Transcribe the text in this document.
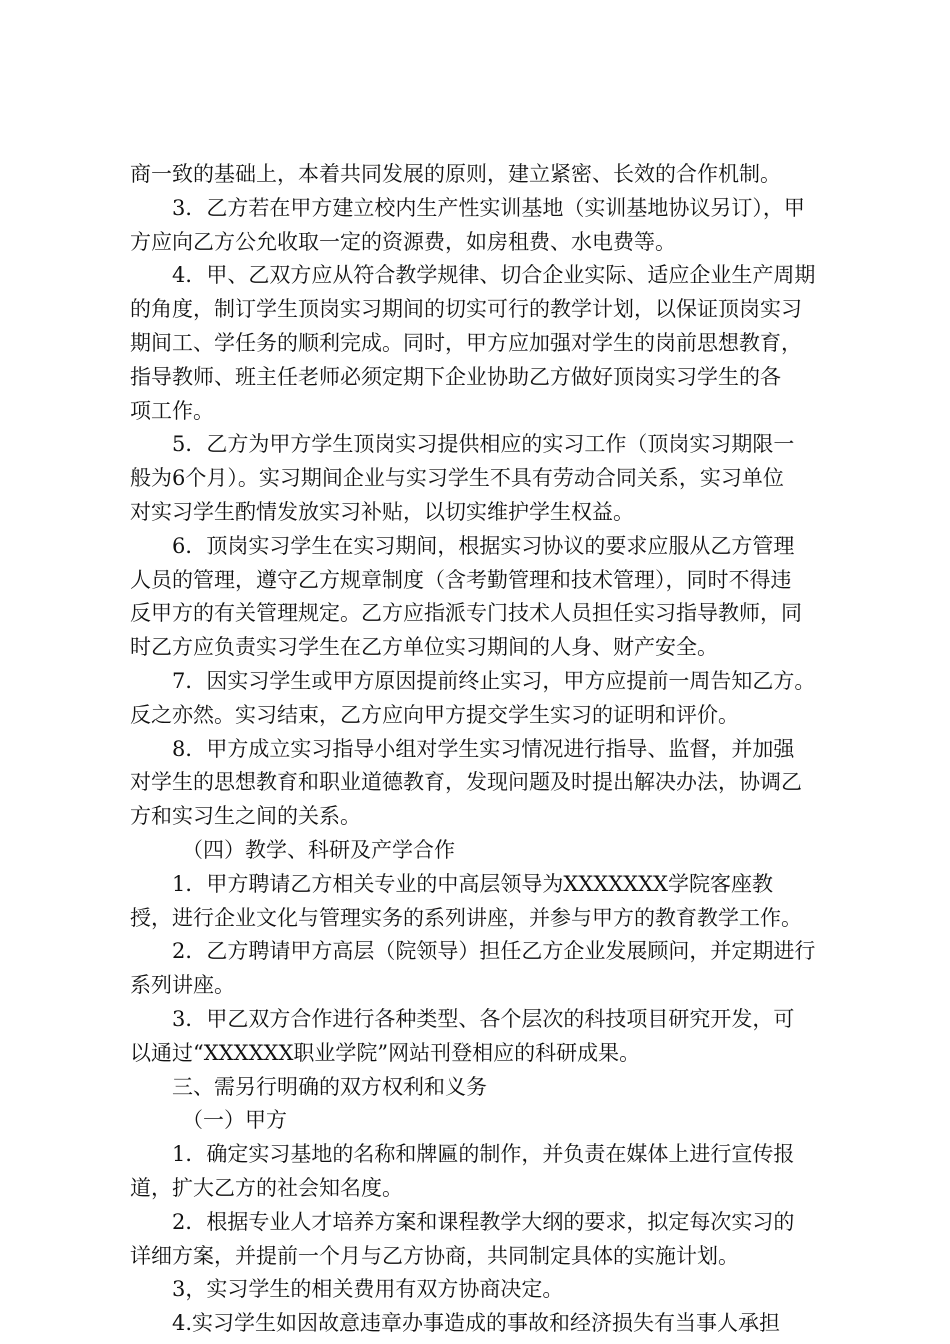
商一致的基础上，本着共同发展的原则，建立紧密、长效的合作机制。
3．乙方若在甲方建立校内生产性实训基地（实训基地协议另订），甲
方应向乙方公允收取一定的资源费，如房租费、水电费等。
4．甲、乙双方应从符合教学规律、切合企业实际、适应企业生产周期
的角度，制订学生顶岗实习期间的切实可行的教学计划，以保证顶岗实习
期间工、学任务的顺利完成。同时，甲方应加强对学生的岗前思想教育，
指导教师、班主任老师必须定期下企业协助乙方做好顶岗实习学生的各
项工作。
5．乙方为甲方学生顶岗实习提供相应的实习工作（顶岗实习期限一
般为6个月）。实习期间企业与实习学生不具有劳动合同关系，实习单位
对实习学生酌情发放实习补贴，以切实维护学生权益。
6．顶岗实习学生在实习期间，根据实习协议的要求应服从乙方管理
人员的管理，遵守乙方规章制度（含考勤管理和技术管理），同时不得违
反甲方的有关管理规定。乙方应指派专门技术人员担任实习指导教师，同
时乙方应负责实习学生在乙方单位实习期间的人身、财产安全。
7．因实习学生或甲方原因提前终止实习，甲方应提前一周告知乙方。
反之亦然。实习结束，乙方应向甲方提交学生实习的证明和评价。
8．甲方成立实习指导小组对学生实习情况进行指导、监督，并加强
对学生的思想教育和职业道德教育，发现问题及时提出解决办法，协调乙
方和实习生之间的关系。
（四）教学、科研及产学合作
1．甲方聘请乙方相关专业的中高层领导为XXXXXXX学院客座教
授，进行企业文化与管理实务的系列讲座，并参与甲方的教育教学工作。
2．乙方聘请甲方高层（院领导）担任乙方企业发展顾问，并定期进行
系列讲座。
3．甲乙双方合作进行各种类型、各个层次的科技项目研究开发，可
以通过“XXXXXX职业学院”网站刊登相应的科研成果。
三、需另行明确的双方权利和义务
（一）甲方
1．确定实习基地的名称和牌匾的制作，并负责在媒体上进行宣传报
道，扩大乙方的社会知名度。
2．根据专业人才培养方案和课程教学大纲的要求，拟定每次实习的
详细方案，并提前一个月与乙方协商，共同制定具体的实施计划。
3，实习学生的相关费用有双方协商决定。
4.实习学生如因故意违章办事造成的事故和经济损失有当事人承担
